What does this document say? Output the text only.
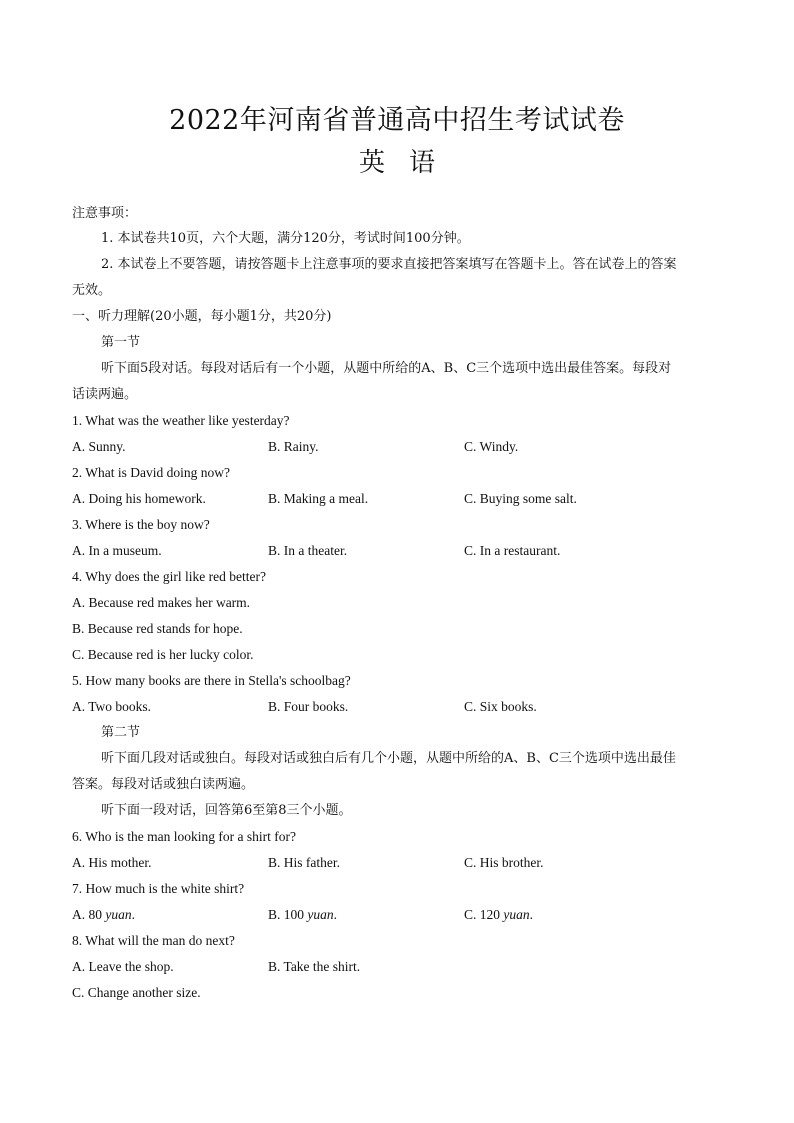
2022年河南省普通高中招生考试试卷
英语
注意事项：
1. 本试卷共10页，六个大题，满分120分，考试时间100分钟。
2. 本试卷上不要答题，请按答题卡上注意事项的要求直接把答案填写在答题卡上。答在试卷上的答案
无效。
一、听力理解(20小题，每小题1分，共20分)
第一节
听下面5段对话。每段对话后有一个小题，从题中所给的A、B、C三个选项中选出最佳答案。每段对
话读两遍。
1. What was the weather like yesterday?
A. Sunny.	B. Rainy.	C. Windy.
2. What is David doing now?
A. Doing his homework.	B. Making a meal.	C. Buying some salt.
3. Where is the boy now?
A. In a museum.	B. In a theater.	C. In a restaurant.
4. Why does the girl like red better?
A. Because red makes her warm.
B. Because red stands for hope.
C. Because red is her lucky color.
5. How many books are there in Stella's schoolbag?
A. Two books.	B. Four books.	C. Six books.
第二节
听下面几段对话或独白。每段对话或独白后有几个小题，从题中所给的A、B、C三个选项中选出最佳
答案。每段对话或独白读两遍。
听下面一段对话，回答第6至第8三个小题。
6. Who is the man looking for a shirt for?
A. His mother.	B. His father.	C. His brother.
7. How much is the white shirt?
A. 80 yuan.	B. 100 yuan.	C. 120 yuan.
8. What will the man do next?
A. Leave the shop.	B. Take the shirt.
C. Change another size.
